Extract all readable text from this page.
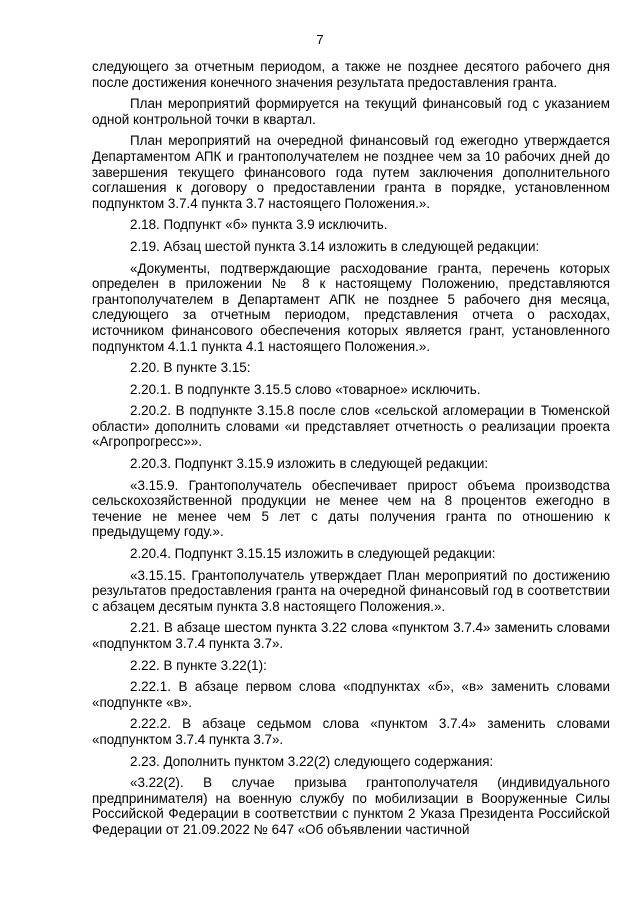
7

следующего за отчетным периодом, а также не позднее десятого рабочего дня после достижения конечного значения результата предоставления гранта.

План мероприятий формируется на текущий финансовый год с указанием одной контрольной точки в квартал.

План мероприятий на очередной финансовый год ежегодно утверждается Департаментом АПК и грантополучателем не позднее чем за 10 рабочих дней до завершения текущего финансового года путем заключения дополнительного соглашения к договору о предоставлении гранта в порядке, установленном подпунктом 3.7.4 пункта 3.7 настоящего Положения.».

2.18. Подпункт «б» пункта 3.9 исключить.

2.19. Абзац шестой пункта 3.14 изложить в следующей редакции:

«Документы, подтверждающие расходование гранта, перечень которых определен в приложении № 8 к настоящему Положению, представляются грантополучателем в Департамент АПК не позднее 5 рабочего дня месяца, следующего за отчетным периодом, представления отчета о расходах, источником финансового обеспечения которых является грант, установленного подпунктом 4.1.1 пункта 4.1 настоящего Положения.».

2.20. В пункте 3.15:

2.20.1. В подпункте 3.15.5 слово «товарное» исключить.

2.20.2. В подпункте 3.15.8 после слов «сельской агломерации в Тюменской области» дополнить словами «и представляет отчетность о реализации проекта «Агропрогресс»».

2.20.3. Подпункт 3.15.9 изложить в следующей редакции:

«3.15.9. Грантополучатель обеспечивает прирост объема производства сельскохозяйственной продукции не менее чем на 8 процентов ежегодно в течение не менее чем 5 лет с даты получения гранта по отношению к предыдущему году.».

2.20.4. Подпункт 3.15.15 изложить в следующей редакции:

«3.15.15. Грантополучатель утверждает План мероприятий по достижению результатов предоставления гранта на очередной финансовый год в соответствии с абзацем десятым пункта 3.8 настоящего Положения.».

2.21. В абзаце шестом пункта 3.22 слова «пунктом 3.7.4» заменить словами «подпунктом 3.7.4 пункта 3.7».

2.22. В пункте 3.22(1):

2.22.1. В абзаце первом слова «подпунктах «б», «в» заменить словами «подпункте «в».

2.22.2. В абзаце седьмом слова «пунктом 3.7.4» заменить словами «подпунктом 3.7.4 пункта 3.7».

2.23. Дополнить пунктом 3.22(2) следующего содержания:

«3.22(2). В случае призыва грантополучателя (индивидуального предпринимателя) на военную службу по мобилизации в Вооруженные Силы Российской Федерации в соответствии с пунктом 2 Указа Президента Российской Федерации от 21.09.2022 № 647 «Об объявлении частичной
